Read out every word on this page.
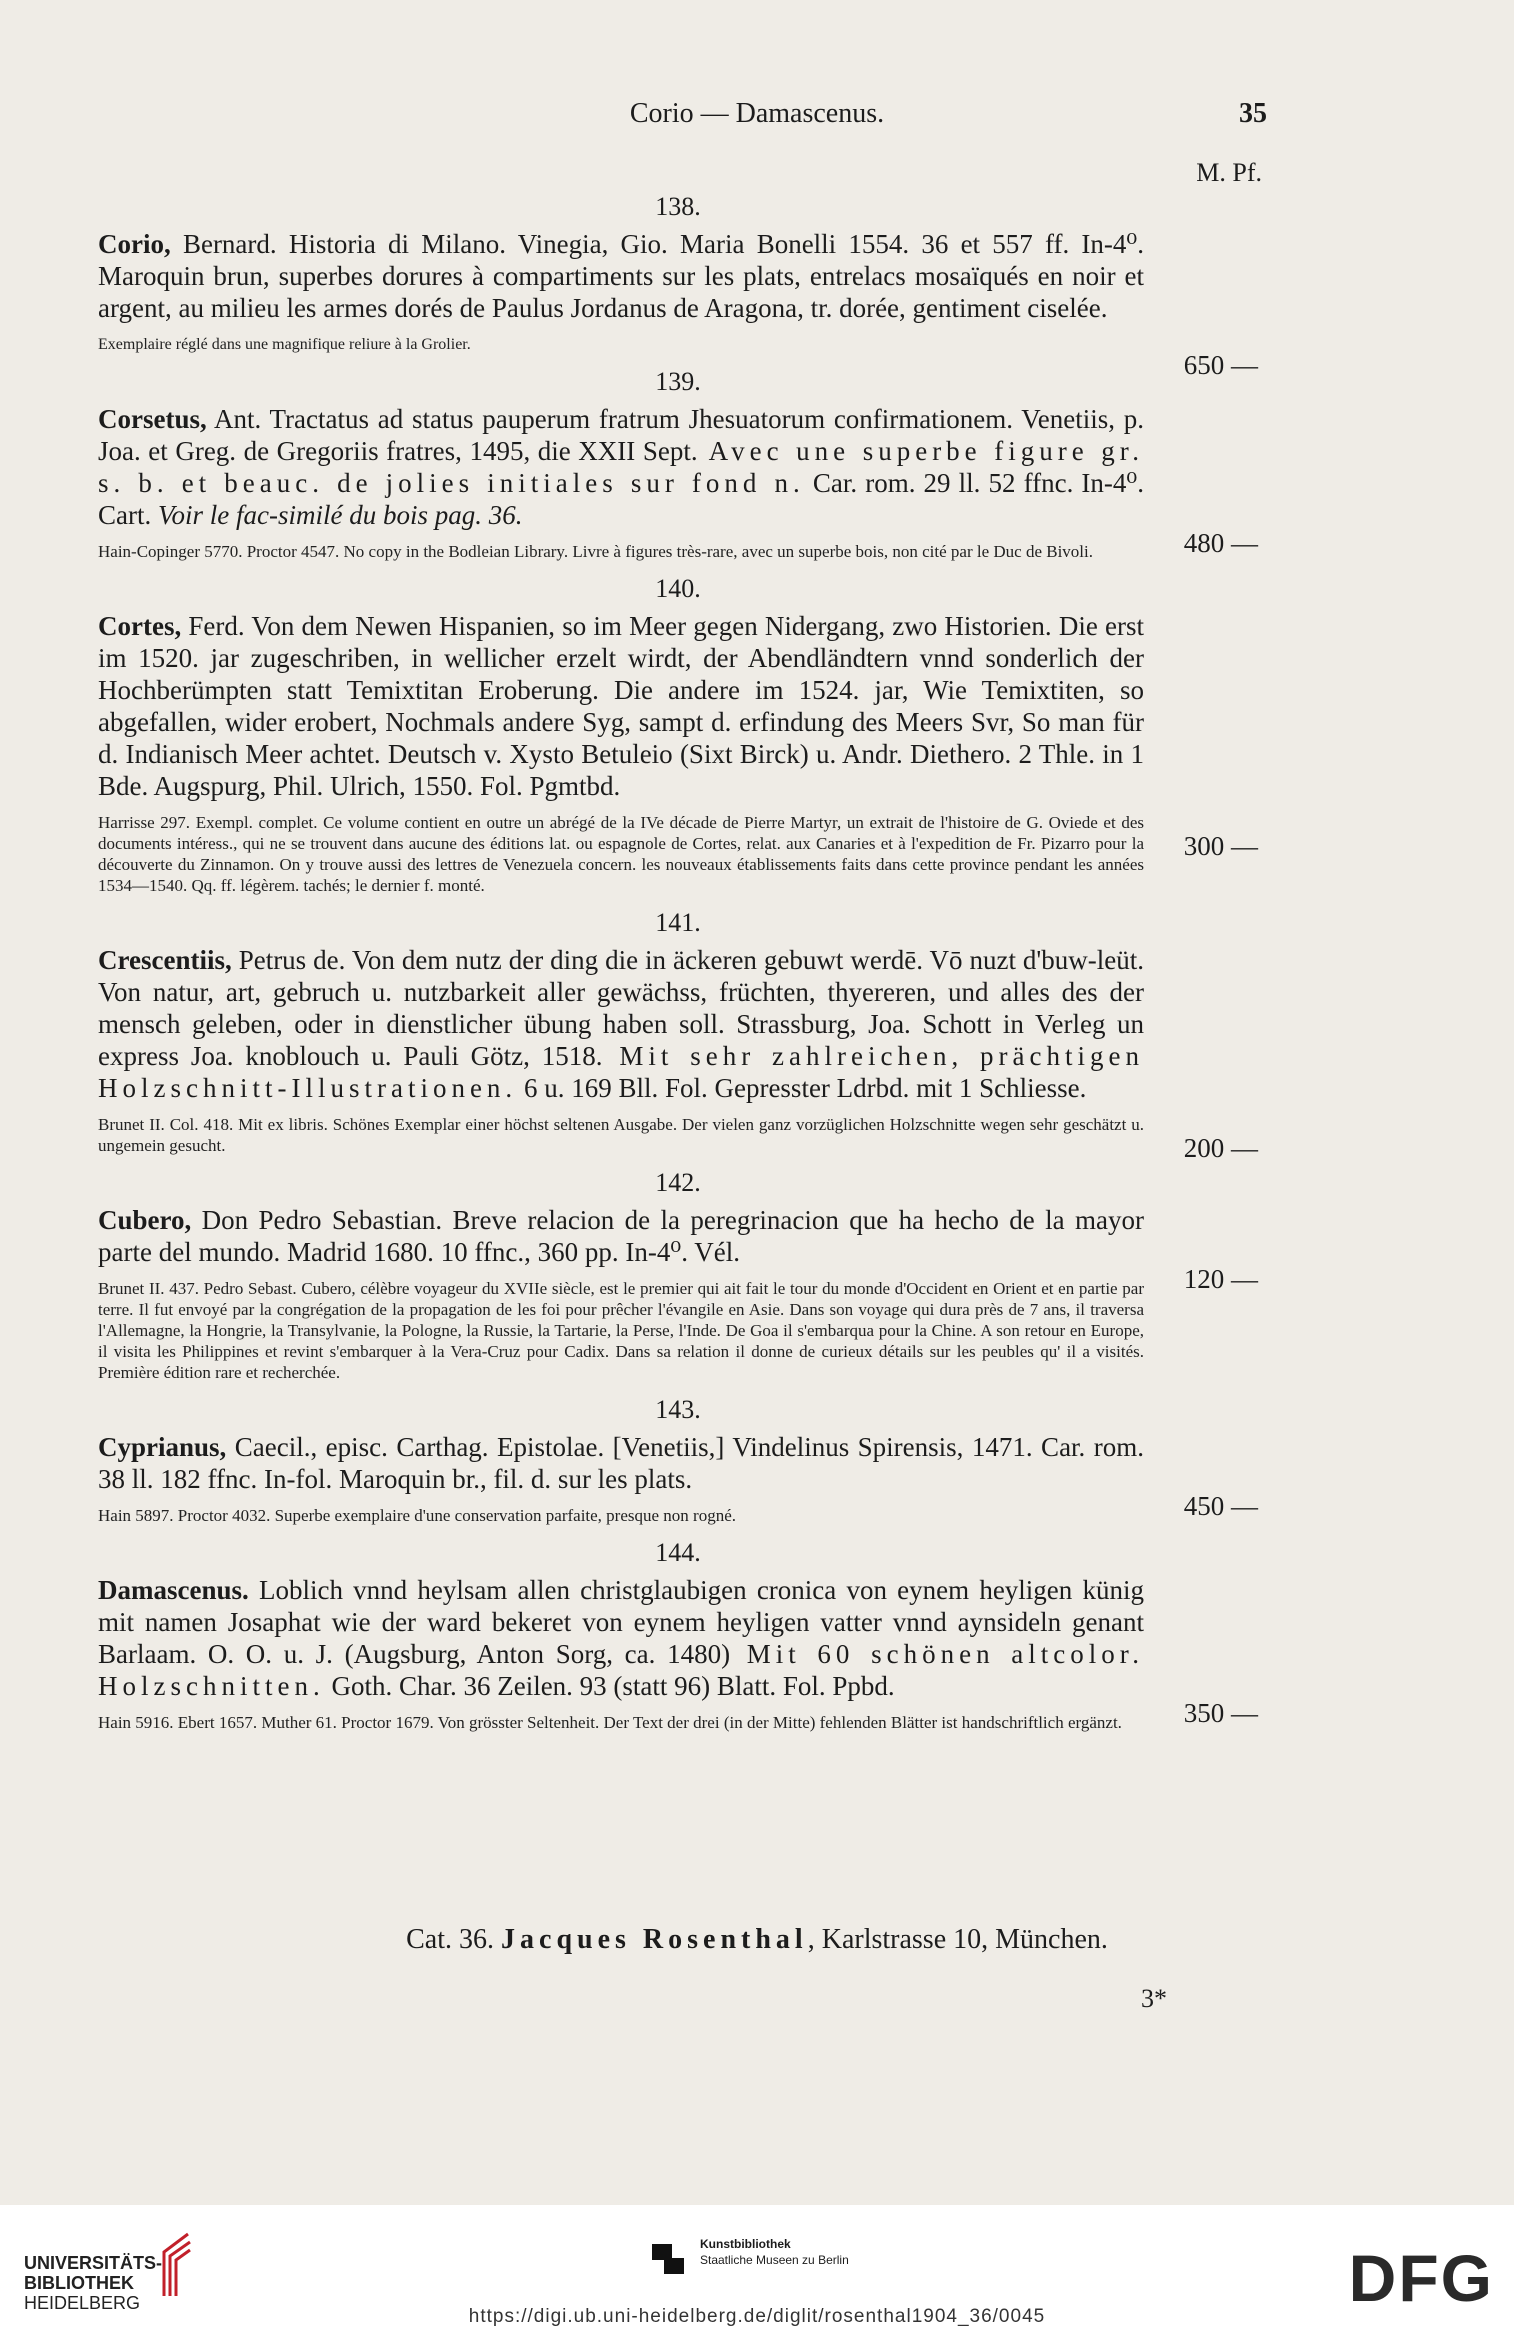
Corio — Damascenus.	35
M. Pf.
138.
Corio, Bernard. Historia di Milano. Vinegia, Gio. Maria Bonelli 1554. 36 et 557 ff. In-4⁰. Maroquin brun, superbes dorures à compartiments sur les plats, entrelacs mosaïqués en noir et argent, au milieu les armes dorés de Paulus Jordanus de Aragona, tr. dorée, gentiment ciselée.
650 —
Exemplaire réglé dans une magnifique reliure à la Grolier.
139.
Corsetus, Ant. Tractatus ad status pauperum fratrum Jhesuatorum confirmationem. Venetiis, p. Joa. et Greg. de Gregoriis fratres, 1495, die XXII Sept. Avec une superbe figure gr. s. b. et beauc. de jolies initiales sur fond n. Car. rom. 29 ll. 52 ffnc. In-4⁰. Cart. Voir le fac-similé du bois pag. 36.
480 —
Hain-Copinger 5770. Proctor 4547. No copy in the Bodleian Library. Livre à figures très-rare, avec un superbe bois, non cité par le Duc de Bivoli.
140.
Cortes, Ferd. Von dem Newen Hispanien, so im Meer gegen Nidergang, zwo Historien. Die erst im 1520. jar zugeschriben, in wellicher erzelt wirdt, der Abendländtern vnnd sonderlich der Hochberümpten statt Temixtitan Eroberung. Die andere im 1524. jar, Wie Temixtiten, so abgefallen, wider erobert, Nochmals andere Syg, sampt d. erfindung des Meers Svr, So man für d. Indianisch Meer achtet. Deutsch v. Xysto Betuleio (Sixt Birck) u. Andr. Diethero. 2 Thle. in 1 Bde. Augspurg, Phil. Ulrich, 1550. Fol. Pgmtbd.
300 —
Harrisse 297. Exempl. complet. Ce volume contient en outre un abrégé de la IVe décade de Pierre Martyr, un extrait de l'histoire de G. Oviede et des documents intéress., qui ne se trouvent dans aucune des éditions lat. ou espagnole de Cortes, relat. aux Canaries et à l'expedition de Fr. Pizarro pour la découverte du Zinnamon. On y trouve aussi des lettres de Venezuela concern. les nouveaux établissements faits dans cette province pendant les années 1534—1540. Qq. ff. légèrem. tachés; le dernier f. monté.
141.
Crescentiis, Petrus de. Von dem nutz der ding die in äckeren gebuwt werdē. Vō nuzt d'buw-leüt. Von natur, art, gebruch u. nutzbarkeit aller gewächss, früchten, thyereren, und alles des der mensch geleben, oder in dienstlicher übung haben soll. Strassburg, Joa. Schott in Verleg un express Joa. knoblouch u. Pauli Götz, 1518. Mit sehr zahlreichen, prächtigen Holzschnitt-Illustrationen. 6 u. 169 Bll. Fol. Gepresster Ldrbd. mit 1 Schliesse.
200 —
Brunet II. Col. 418. Mit ex libris. Schönes Exemplar einer höchst seltenen Ausgabe. Der vielen ganz vorzüglichen Holzschnitte wegen sehr geschätzt u. ungemein gesucht.
142.
Cubero, Don Pedro Sebastian. Breve relacion de la peregrinacion que ha hecho de la mayor parte del mundo. Madrid 1680. 10 ffnc., 360 pp. In-4⁰. Vél.
120 —
Brunet II. 437. Pedro Sebast. Cubero, célèbre voyageur du XVIIe siècle, est le premier qui ait fait le tour du monde d'Occident en Orient et en partie par terre. Il fut envoyé par la congrégation de la propagation de les foi pour prêcher l'évangile en Asie. Dans son voyage qui dura près de 7 ans, il traversa l'Allemagne, la Hongrie, la Transylvanie, la Pologne, la Russie, la Tartarie, la Perse, l'Inde. De Goa il s'embarqua pour la Chine. A son retour en Europe, il visita les Philippines et revint s'embarquer à la Vera-Cruz pour Cadix. Dans sa relation il donne de curieux détails sur les peubles qu' il a visités. Première édition rare et recherchée.
143.
Cyprianus, Caecil., episc. Carthag. Epistolae. [Venetiis,] Vindelinus Spirensis, 1471. Car. rom. 38 ll. 182 ffnc. In-fol. Maroquin br., fil. d. sur les plats.
450 —
Hain 5897. Proctor 4032. Superbe exemplaire d'une conservation parfaite, presque non rogné.
144.
Damascenus. Loblich vnnd heylsam allen christglaubigen cronica von eynem heyligen künig mit namen Josaphat wie der ward bekeret von eynem heyligen vatter vnnd aynsideln genant Barlaam. O. O. u. J. (Augsburg, Anton Sorg, ca. 1480) Mit 60 schönen altcolor. Holzschnitten. Goth. Char. 36 Zeilen. 93 (statt 96) Blatt. Fol. Ppbd.
350 —
Hain 5916. Ebert 1657. Muther 61. Proctor 1679. Von grösster Seltenheit. Der Text der drei (in der Mitte) fehlenden Blätter ist handschriftlich ergänzt.
Cat. 36. Jacques Rosenthal, Karlstrasse 10, München.
3*
UNIVERSITÄTS-
BIBLIOTHEK
HEIDELBERG
Kunstbibliothek
Staatliche Museen zu Berlin	DFG
https://digi.ub.uni-heidelberg.de/diglit/rosenthal1904_36/0045
